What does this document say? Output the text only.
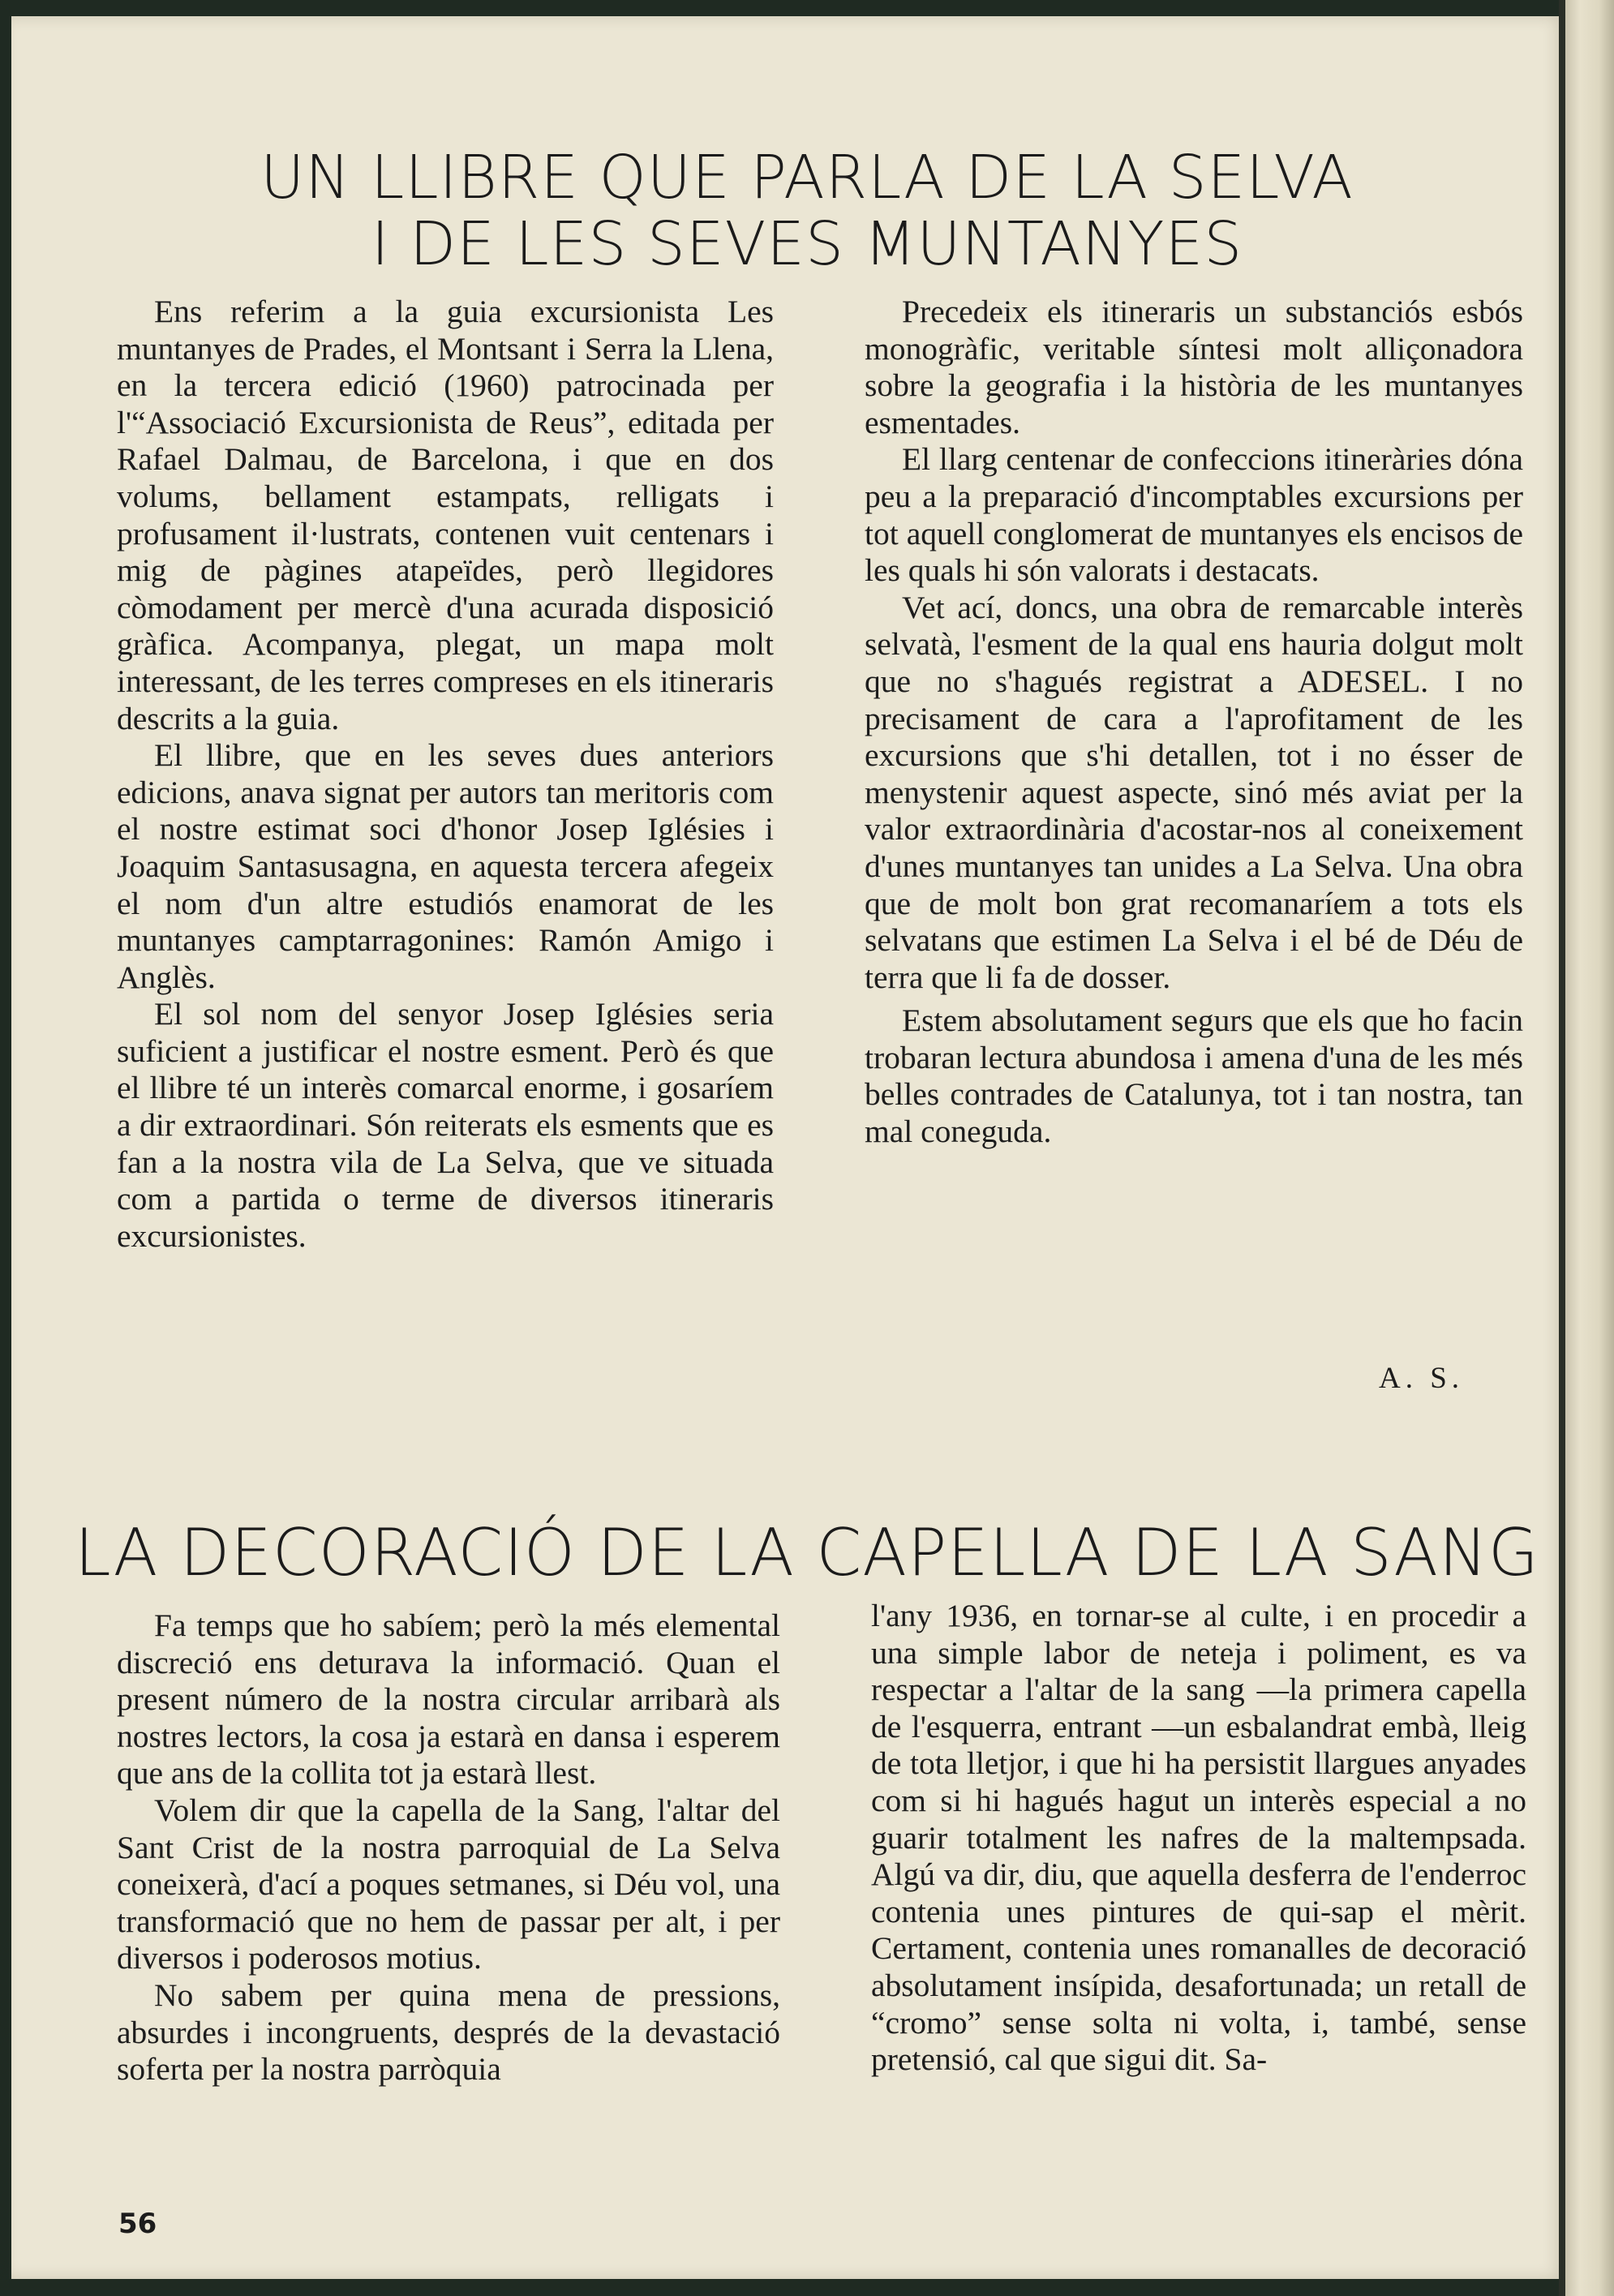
UN LLIBRE QUE PARLA DE LA SELVA
I DE LES SEVES MUNTANYES

Ens referim a la guia excursionista Les muntanyes de Prades, el Montsant i Serra la Llena, en la tercera edició (1960) patrocinada per l'“Associació Excursionista de Reus”, editada per Rafael Dalmau, de Barcelona, i que en dos volums, bellament estampats, relligats i profusament il·lustrats, contenen vuit centenars i mig de pàgines atapeïdes, però llegidores còmodament per mercè d'una acurada disposició gràfica. Acompanya, plegat, un mapa molt interessant, de les terres compreses en els itineraris descrits a la guia.

El llibre, que en les seves dues anteriors edicions, anava signat per autors tan meritoris com el nostre estimat soci d'honor Josep Iglésies i Joaquim Santasusagna, en aquesta tercera afegeix el nom d'un altre estudiós enamorat de les muntanyes camptarragonines: Ramón Amigo i Anglès.

El sol nom del senyor Josep Iglésies seria suficient a justificar el nostre esment. Però és que el llibre té un interès comarcal enorme, i gosaríem a dir extraordinari. Són reiterats els esments que es fan a la nostra vila de La Selva, que ve situada com a partida o terme de diversos itineraris excursionistes.

Precedeix els itineraris un substanciós esbós monogràfic, veritable síntesi molt alliçonadora sobre la geografia i la història de les muntanyes esmentades.

El llarg centenar de confeccions itineràries dóna peu a la preparació d'incomptables excursions per tot aquell conglomerat de muntanyes els encisos de les quals hi són valorats i destacats.

Vet ací, doncs, una obra de remarcable interès selvatà, l'esment de la qual ens hauria dolgut molt que no s'hagués registrat a ADESEL. I no precisament de cara a l'aprofitament de les excursions que s'hi detallen, tot i no ésser de menystenir aquest aspecte, sinó més aviat per la valor extraordinària d'acostar-nos al coneixement d'unes muntanyes tan unides a La Selva. Una obra que de molt bon grat recomanaríem a tots els selvatans que estimen La Selva i el bé de Déu de terra que li fa de dosser.

Estem absolutament segurs que els que ho facin trobaran lectura abundosa i amena d'una de les més belles contrades de Catalunya, tot i tan nostra, tan mal coneguda.

A. S.
LA DECORACIÓ DE LA CAPELLA DE LA SANG

Fa temps que ho sabíem; però la més elemental discreció ens deturava la informació. Quan el present número de la nostra circular arribarà als nostres lectors, la cosa ja estarà en dansa i esperem que ans de la collita tot ja estarà llest.

Volem dir que la capella de la Sang, l'altar del Sant Crist de la nostra parroquial de La Selva coneixerà, d'ací a poques setmanes, si Déu vol, una transformació que no hem de passar per alt, i per diversos i poderosos motius.

No sabem per quina mena de pressions, absurdes i incongruents, després de la devastació soferta per la nostra parròquia

l'any 1936, en tornar-se al culte, i en procedir a una simple labor de neteja i poliment, es va respectar a l'altar de la sang —la primera capella de l'esquerra, entrant —un esbalandrat embà, lleig de tota lletjor, i que hi ha persistit llargues anyades com si hi hagués hagut un interès especial a no guarir totalment les nafres de la maltempsada. Algú va dir, diu, que aquella desferra de l'enderroc contenia unes pintures de qui-sap el mèrit. Certament, contenia unes romanalles de decoració absolutament insípida, desafortunada; un retall de “cromo” sense solta ni volta, i, també, sense pretensió, cal que sigui dit. Sa-

56
